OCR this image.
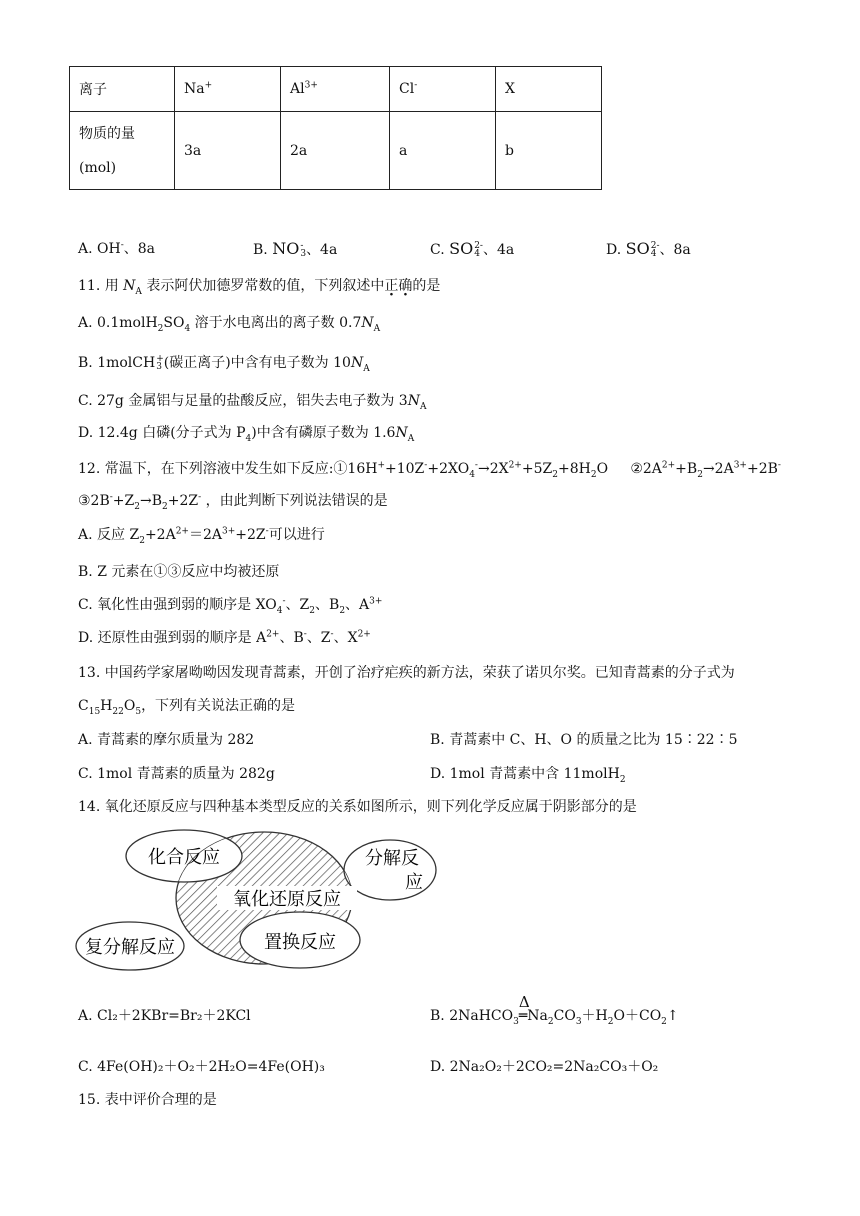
离子	Na+	$Al^{3+}$	Cl-	X
物质的量
(mol)	3a	2a	a	b
A. OH-、8a	B. NO -
3 、4a	C. SO 2-
4 、4a	D. SO 2-
4 、8a
11. 用 $N_A$ 表示阿伏加德罗常数的值，下列叙述中正确的是
A. $0.1molH_2SO_4$ 溶于水电离出的离子数 $0.7N_A$
B. 1molCH +
3 (碳正离子)中含有电子数为 $10N_A$
C. 27g 金属铝与足量的盐酸反应，铝失去电子数为 $3N_A$
D. 12.4g 白磷(分子式为 $P_4$)中含有磷原子数为 $1.6N_A$
12. 常温下，在下列溶液中发生如下反应$:①16H^++10Z^-+2XO_4^-\to 2X^{2+}+5Z_2+8H_2O$ $②2A^{2+}+B_2\to 2A^{3+}+2B^-$
$③2B^-+Z_2\to B_2+2Z^-$ ，由此判断下列说法错误的是
A. 反应 $Z_2+2A^{2+}=2A^{3+}+2Z^-$可以进行
B. Z 元素在①③反应中均被还原
C. 氧化性由强到弱的顺序是 $XO_4^-$、$Z_2$、$B_2$、$A^{3+}$
D. 还原性由强到弱的顺序是 $A^{2+}$、B-、Z-、$X^{2+}$
13. 中国药学家屠呦呦因发现青蒿素，开创了治疗疟疾的新方法，荣获了诺贝尔奖。已知青蒿素的分子式为
$C_{15}H_{22}O_5$，下列有关说法正确的是
A. 青蒿素的摩尔质量为 282	B. 青蒿素中 C、H、O 的质量之比为 15∶22∶5
C. 1mol 青蒿素的质量为 282g	D. 1mol 青蒿素中含 11molH$_2$
14. 氧化还原反应与四种基本类型反应的关系如图所示，则下列化学反应属于阴影部分的是
化合反应	分解反
应
氧化还原反应
复分解反应	置换反应
A. Cl₂＋2KBr=Br₂＋2KCl	B. 2NaHCO$_3$═
Δ
$Na_2CO_3+H_2O+CO_2↑$
C. 4Fe(OH)₂＋O₂＋2H₂O=4Fe(OH)₃	D. 2Na₂O₂＋2CO₂=2Na₂CO₃＋O₂
15. 表中评价合理的是
